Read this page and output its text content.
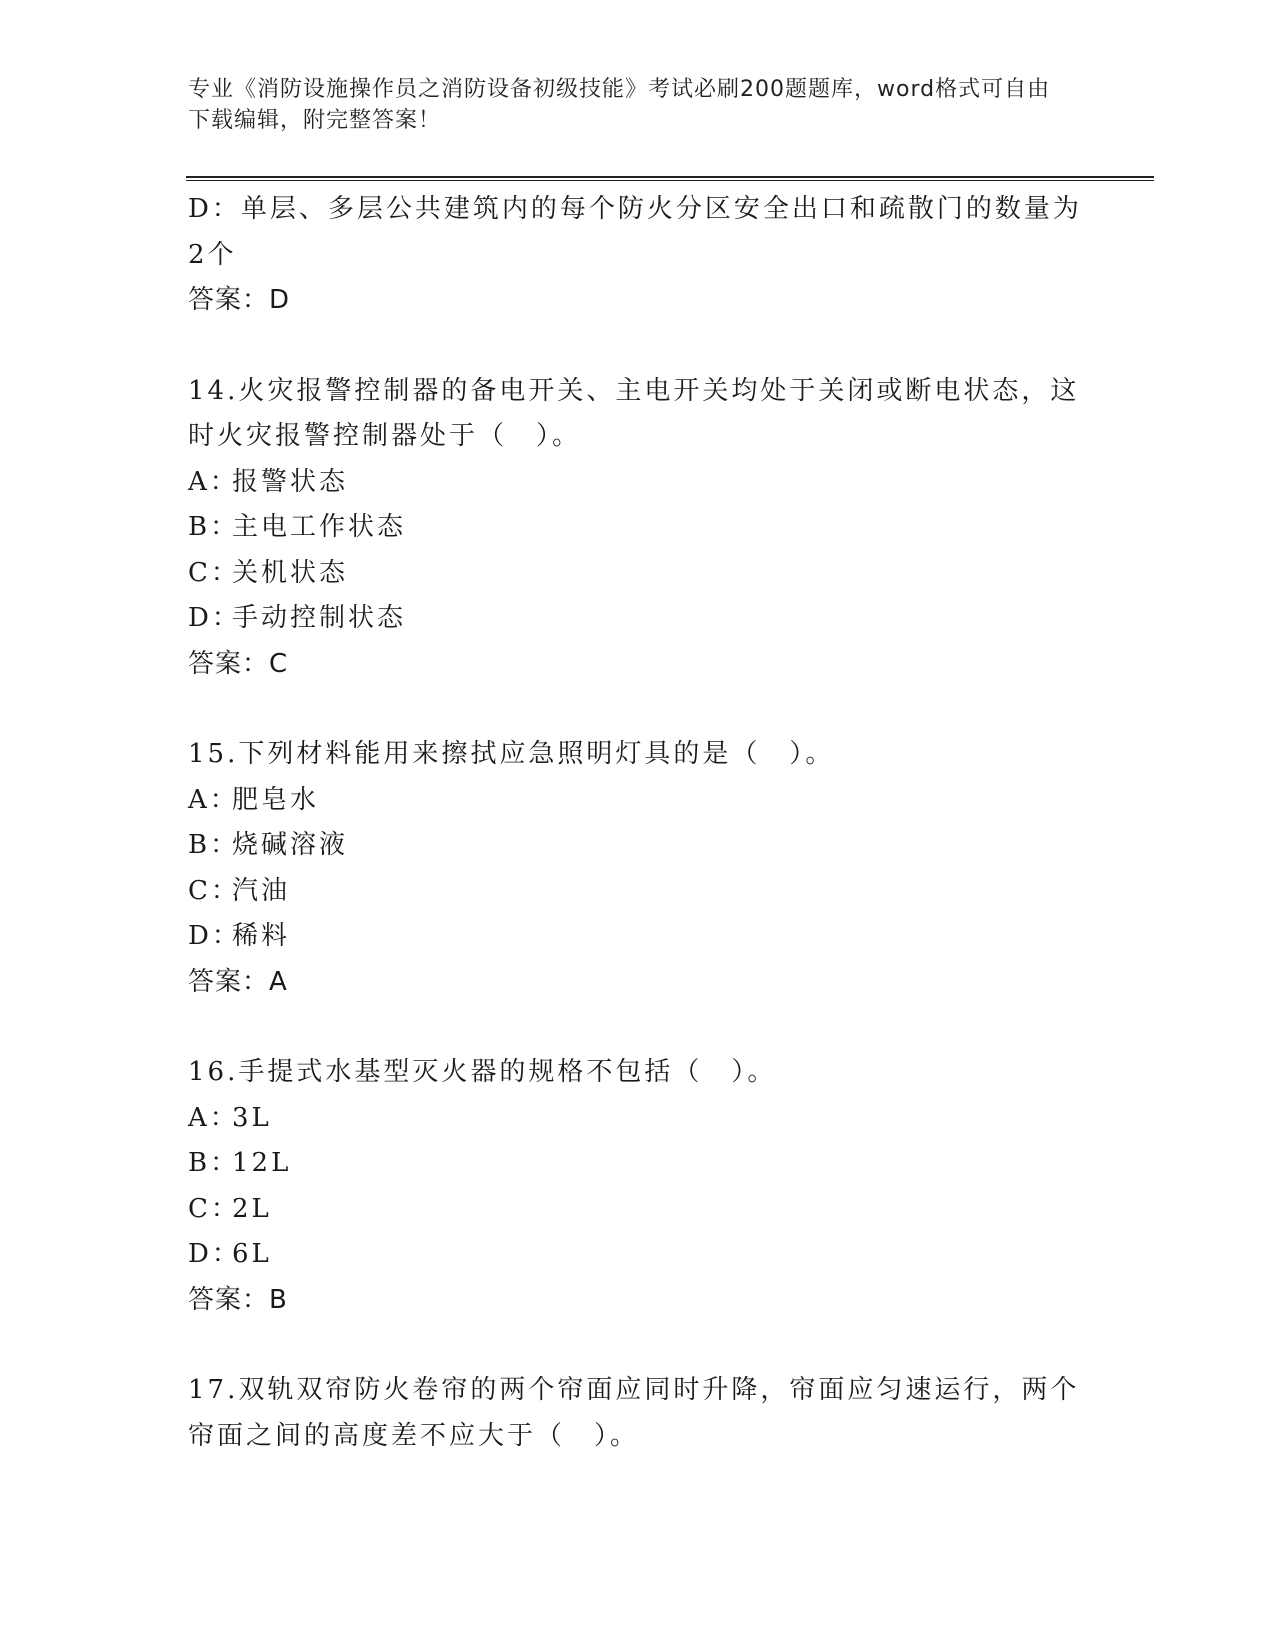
专业《消防设施操作员之消防设备初级技能》考试必刷200题题库，word格式可自由下载编辑，附完整答案！
D：单层、多层公共建筑内的每个防火分区安全出口和疏散门的数量为
2个
答案：D
14.火灾报警控制器的备电开关、主电开关均处于关闭或断电状态，这
时火灾报警控制器处于（　）。
A：报警状态
B：主电工作状态
C：关机状态
D：手动控制状态
答案：C
15.下列材料能用来擦拭应急照明灯具的是（　）。
A：肥皂水
B：烧碱溶液
C：汽油
D：稀料
答案：A
16.手提式水基型灭火器的规格不包括（　）。
A：3L
B：12L
C：2L
D：6L
答案：B
17.双轨双帘防火卷帘的两个帘面应同时升降，帘面应匀速运行，两个
帘面之间的高度差不应大于（　）。
